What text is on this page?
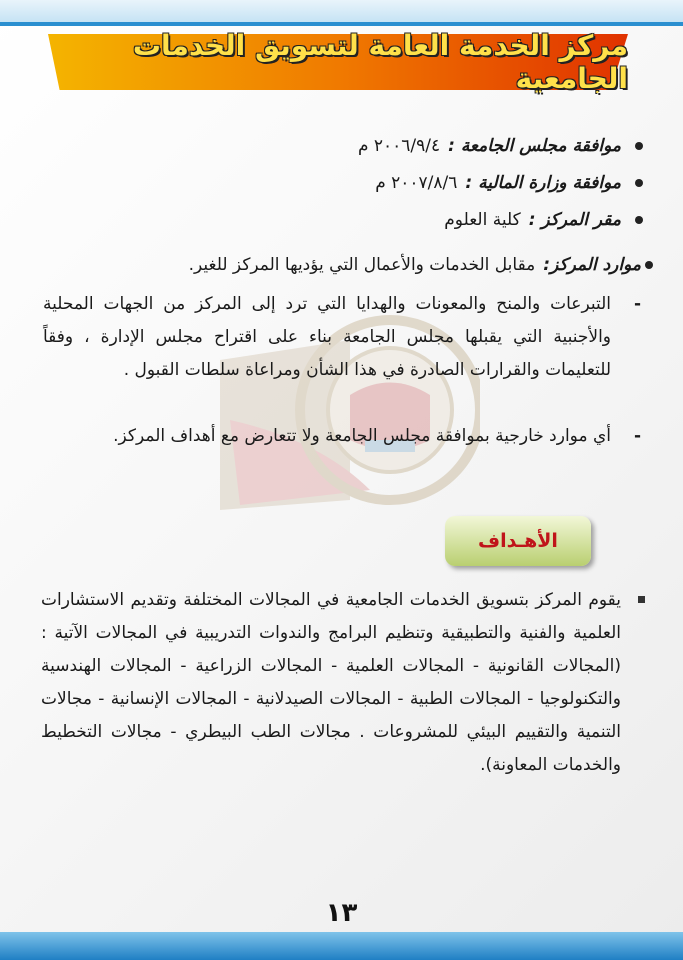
مركز الخدمة العامة لتسويق الخدمات الجامعية
موافقة مجلس الجامعة :
٢٠٠٦/٩/٤ م
موافقة وزارة المالية :
٢٠٠٧/٨/٦ م
مقر المركز :
كلية العلوم
موارد المركز:
مقابل الخدمات والأعمال التي يؤديها المركز للغير.
-
التبرعات والمنح والمعونات والهدايا التي ترد إلى المركز من الجهات المحلية والأجنبية التي يقبلها مجلس الجامعة بناء على اقتراح مجلس الإدارة ، وفقاً للتعليمات والقرارات الصادرة في هذا الشأن ومراعاة سلطات القبول .
-
أي موارد خارجية بموافقة مجلس الجامعة ولا تتعارض مع أهداف المركز.
الأهـداف
يقوم المركز بتسويق الخدمات الجامعية في المجالات المختلفة وتقديم الاستشارات العلمية والفنية والتطبيقية وتنظيم البرامج والندوات التدريبية في المجالات الآتية : (المجالات القانونية - المجالات العلمية - المجالات الزراعية - المجالات الهندسية والتكنولوجيا - المجالات الطبية - المجالات الصيدلانية - المجالات الإنسانية - مجالات التنمية والتقييم البيئي للمشروعات . مجالات الطب البيطري - مجالات التخطيط والخدمات المعاونة).
١٣
